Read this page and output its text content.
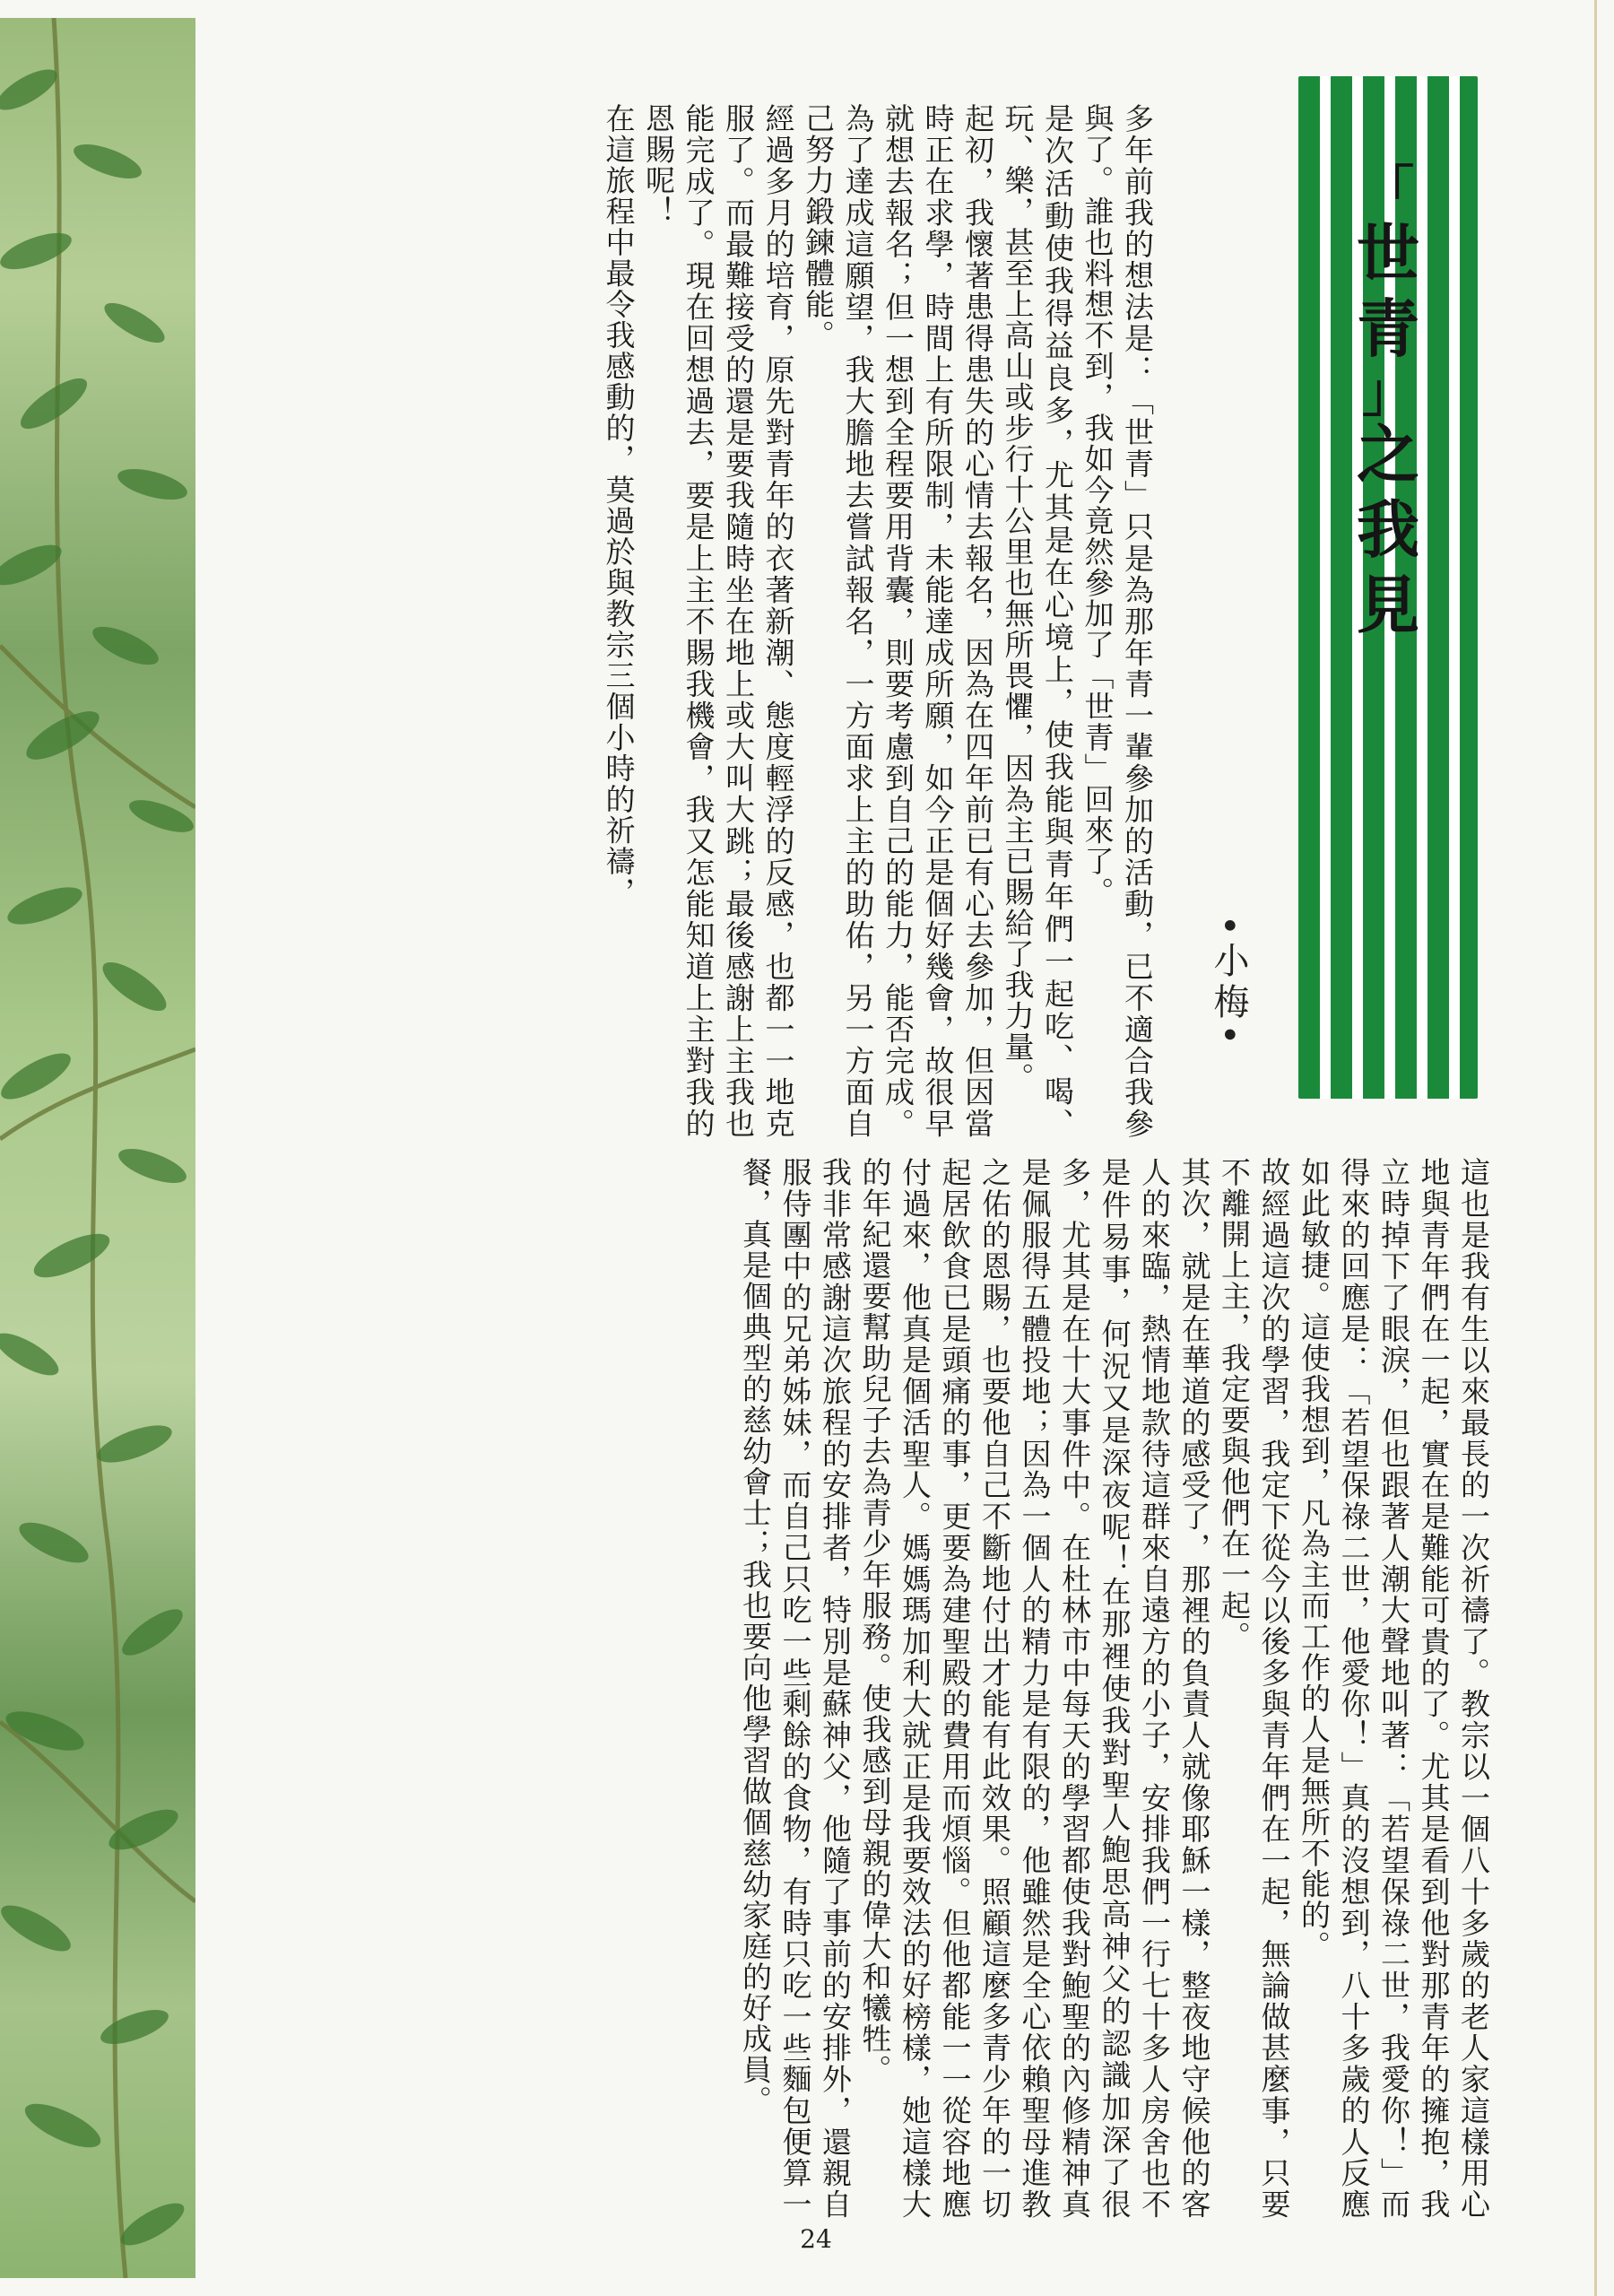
「
世
青
」
之
我
見
•小梅•

多年前我的想法是：「世青」只是為那年青一輩參加的活動，已不適合我參與了。誰也料想不到，我如今竟然參加了「世青」回來了。

是次活動使我得益良多，尤其是在心境上，使我能與青年們一起吃、喝、玩、樂，甚至上高山或步行十公里也無所畏懼，因為主已賜給了我力量。

起初，我懷著患得患失的心情去報名，因為在四年前已有心去參加，但因當時正在求學，時間上有所限制，未能達成所願，如今正是個好幾會，故很早就想去報名；但一想到全程要用背囊，則要考慮到自己的能力，能否完成。為了達成這願望，我大膽地去嘗試報名，一方面求上主的助佑，另一方面自己努力鍛鍊體能。

經過多月的培育，原先對青年的衣著新潮、態度輕浮的反感，也都一一地克服了。而最難接受的還是要我隨時坐在地上或大叫大跳；最後感謝上主我也能完成了。現在回想過去，要是上主不賜我機會，我又怎能知道上主對我的恩賜呢！

在這旅程中最令我感動的，莫過於與教宗三個小時的祈禱，

這也是我有生以來最長的一次祈禱了。教宗以一個八十多歲的老人家這樣用心地與青年們在一起，實在是難能可貴的了。尤其是看到他對那青年的擁抱，我立時掉下了眼淚，但也跟著人潮大聲地叫著：「若望保祿二世，我愛你！」而得來的回應是：「若望保祿二世，他愛你！」真的沒想到，八十多歲的人反應如此敏捷。這使我想到，凡為主而工作的人是無所不能的。

故經過這次的學習，我定下從今以後多與青年們在一起，無論做甚麼事，只要不離開上主，我定要與他們在一起。

其次，就是在華道的感受了，那裡的負責人就像耶穌一樣，整夜地守候他的客人的來臨，熱情地款待這群來自遠方的小子，安排我們一行七十多人房舍也不是件易事，何況又是深夜呢！在那裡使我對聖人鮑思高神父的認識加深了很多，尤其是在十大事件中。在杜林市中每天的學習都使我對鮑聖的內修精神真是佩服得五體投地；因為一個人的精力是有限的，他雖然是全心依賴聖母進教之佑的恩賜，也要他自己不斷地付出才能有此效果。照顧這麼多青少年的一切起居飲食已是頭痛的事，更要為建聖殿的費用而煩惱。但他都能一一從容地應付過來，他真是個活聖人。媽媽瑪加利大就正是我要效法的好榜樣，她這樣大的年紀還要幫助兒子去為青少年服務。使我感到母親的偉大和犧牲。

我非常感謝這次旅程的安排者，特別是蘇神父，他隨了事前的安排外，還親自服侍團中的兄弟姊妹，而自己只吃一些剩餘的食物，有時只吃一些麵包便算一餐，真是個典型的慈幼會士；我也要向他學習做個慈幼家庭的好成員。

24
